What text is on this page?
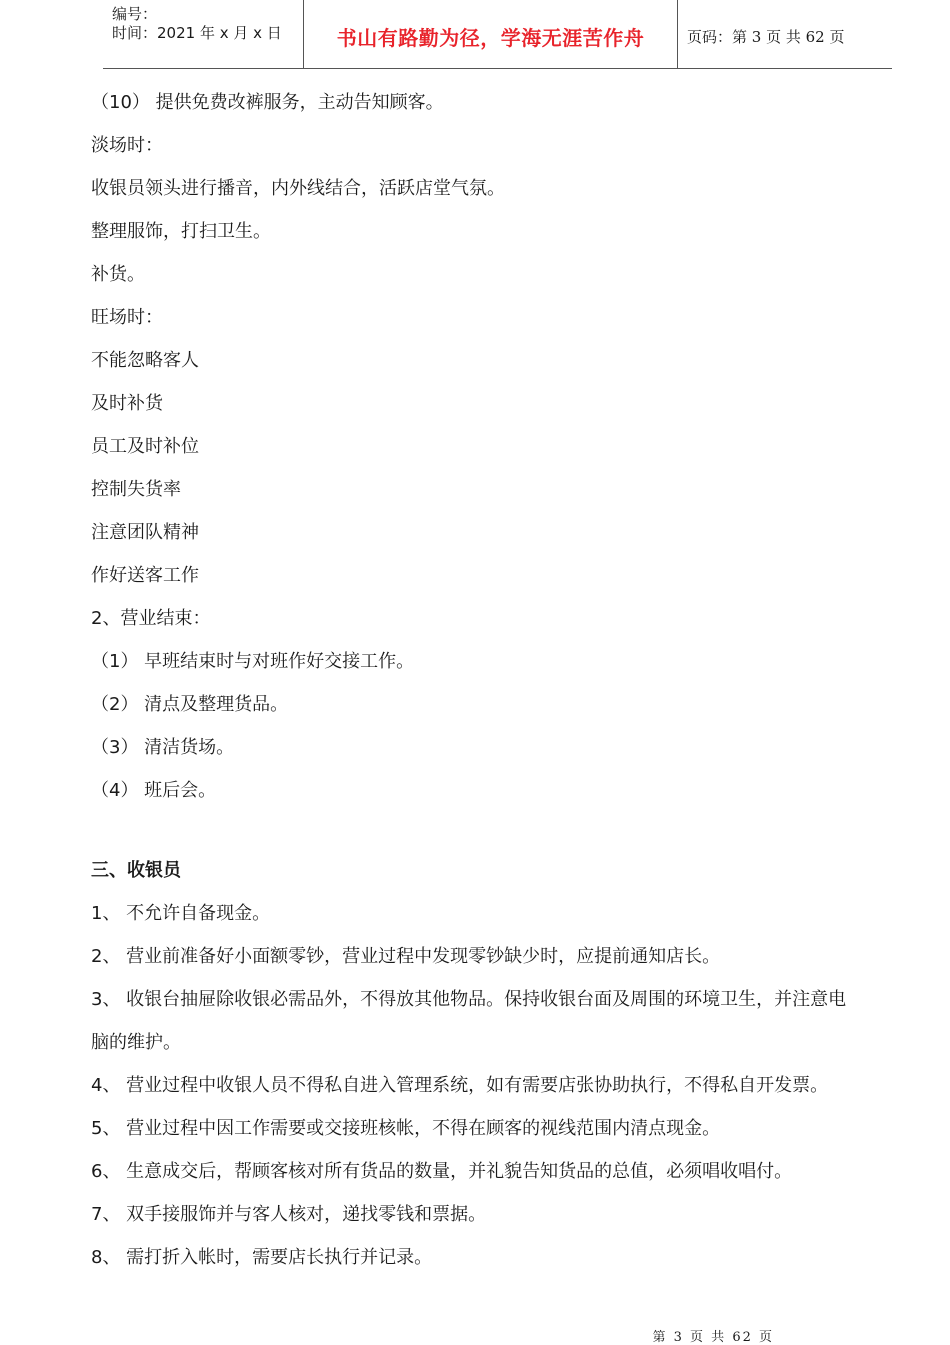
编号：
时间：2021 年 x 月 x 日	书山有路勤为径，学海无涯苦作舟	页码：第 3 页 共 62 页
（10） 提供免费改裤服务，主动告知顾客。
淡场时：
收银员领头进行播音，内外线结合，活跃店堂气氛。
整理服饰，打扫卫生。
补货。
旺场时：
不能忽略客人
及时补货
员工及时补位
控制失货率
注意团队精神
作好送客工作
2、营业结束：
（1） 早班结束时与对班作好交接工作。
（2） 清点及整理货品。
（3） 清洁货场。
（4） 班后会。
三、收银员
1、 不允许自备现金。
2、 营业前准备好小面额零钞，营业过程中发现零钞缺少时，应提前通知店长。
3、 收银台抽屉除收银必需品外，不得放其他物品。保持收银台面及周围的环境卫生，并注意电
脑的维护。
4、 营业过程中收银人员不得私自进入管理系统，如有需要店张协助执行，不得私自开发票。
5、 营业过程中因工作需要或交接班核帐，不得在顾客的视线范围内清点现金。
6、 生意成交后，帮顾客核对所有货品的数量，并礼貌告知货品的总值，必须唱收唱付。
7、 双手接服饰并与客人核对，递找零钱和票据。
8、 需打折入帐时，需要店长执行并记录。
第 3 页 共 62 页
